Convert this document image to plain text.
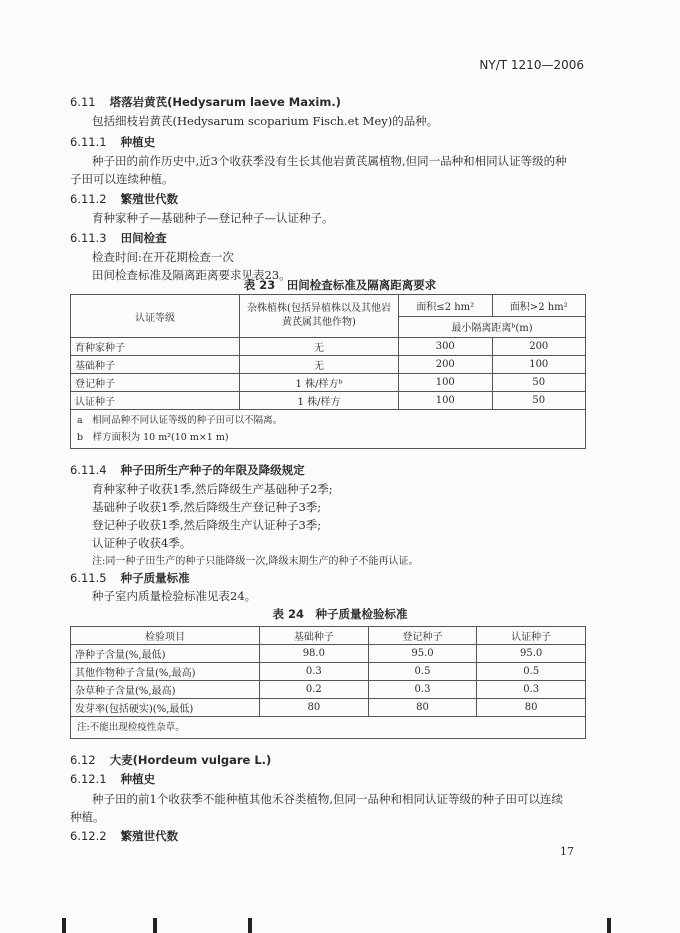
NY/T 1210—2006
6.11 塔落岩黄芪(Hedysarum laeve Maxim.)
包括细枝岩黄芪(Hedysarum scoparium Fisch.et Mey)的品种。
6.11.1 种植史
种子田的前作历史中,近3个收获季没有生长其他岩黄芪属植物,但同一品种和相同认证等级的种
子田可以连续种植。
6.11.2 繁殖世代数
育种家种子—基础种子—登记种子—认证种子。
6.11.3 田间检查
检查时间:在开花期检查一次
田间检查标准及隔离距离要求见表23。
表 23　田间检查标准及隔离距离要求
认证等级	杂株植株(包括异植株以及其他岩黄芪属其他作物)	面积≤2 hm²	面积>2 hm²
		最小隔离距离ᵇ(m)	
育种家种子	无	300	200
基础种子	无	200	100
登记种子	1 株/样方ᵇ	100	50
认证种子	1 株/样方	100	50

a　相同品种不同认证等级的种子田可以不隔离。
b　样方面积为 10 m²(10 m×1 m)			
6.11.4 种子田所生产种子的年限及降级规定
育种家种子收获1季,然后降级生产基础种子2季;
基础种子收获1季,然后降级生产登记种子3季;
登记种子收获1季,然后降级生产认证种子3季;
认证种子收获4季。
注:同一种子田生产的种子只能降级一次,降级末期生产的种子不能再认证。
6.11.5 种子质量标准
种子室内质量检验标准见表24。
表 24　种子质量检验标准
检验项目	基础种子	登记种子	认证种子
净种子含量(%,最低)	98.0	95.0	95.0
其他作物种子含量(%,最高)	0.3	0.5	0.5
杂草种子含量(%,最高)	0.2	0.3	0.3
发芽率(包括硬实)(%,最低)	80	80	80
注:不能出现检疫性杂草。			
6.12 大麦(Hordeum vulgare L.)
6.12.1 种植史
种子田的前1个收获季不能种植其他禾谷类植物,但同一品种和相同认证等级的种子田可以连续
种植。
6.12.2 繁殖世代数
17
